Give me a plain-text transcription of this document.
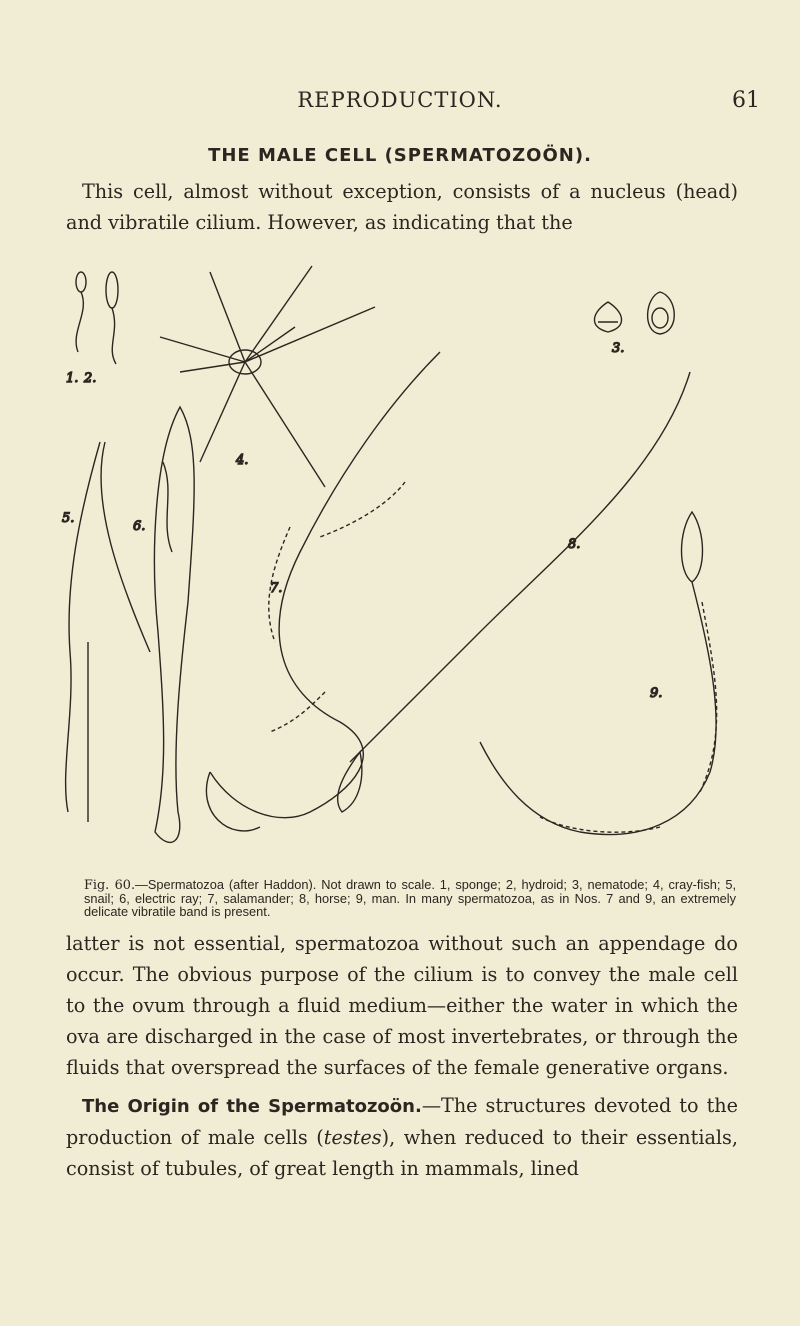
REPRODUCTION.	61
THE MALE CELL (SPERMATOZOÖN).
This cell, almost without exception, consists of a nucleus (head) and vibratile cilium. However, as indicating that the
1. 2.
3.
4.
5.
6.
7.
8.
9.
Fig. 60.—Spermatozoa (after Haddon). Not drawn to scale. 1, sponge; 2, hydroid; 3, nematode; 4, cray-fish; 5, snail; 6, electric ray; 7, salamander; 8, horse; 9, man. In many spermatozoa, as in Nos. 7 and 9, an extremely delicate vibratile band is present.
latter is not essential, spermatozoa without such an appendage do occur. The obvious purpose of the cilium is to convey the male cell to the ovum through a fluid medium—either the water in which the ova are discharged in the case of most invertebrates, or through the fluids that overspread the surfaces of the female generative organs.
The Origin of the Spermatozoön.—The structures devoted to the production of male cells (testes), when reduced to their essentials, consist of tubules, of great length in mammals, lined
